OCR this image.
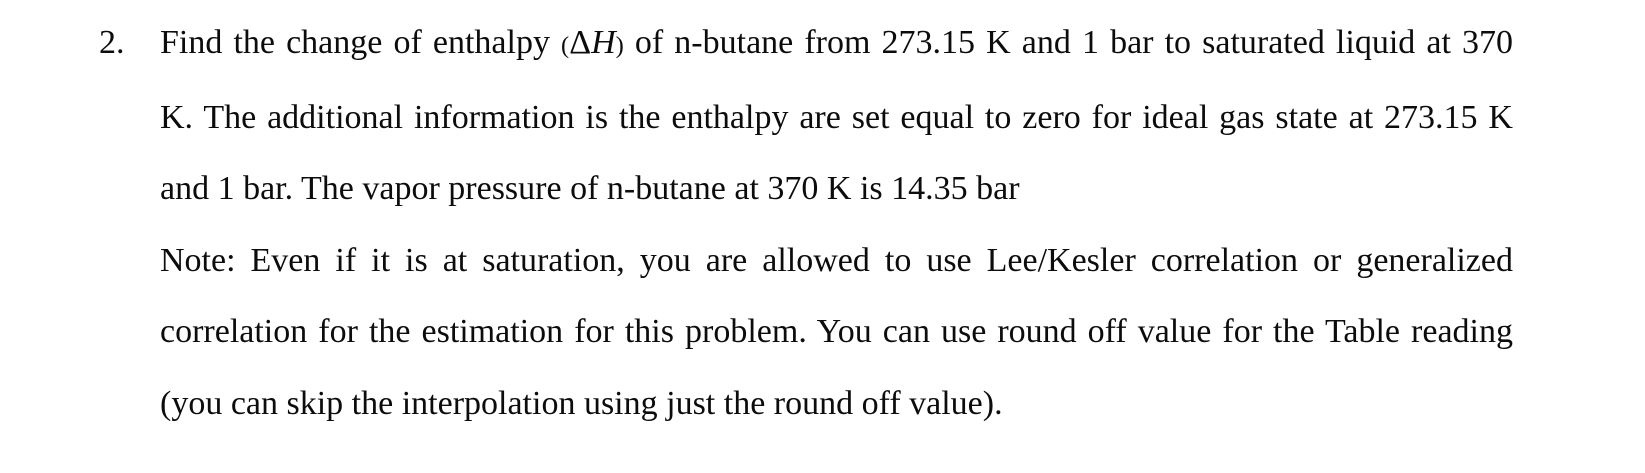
2.	Find the change of enthalpy (ΔH) of n-butane from 273.15 K and 1 bar to saturated liquid at 370
K. The additional information is the enthalpy are set equal to zero for ideal gas state at 273.15 K
and 1 bar. The vapor pressure of n-butane at 370 K is 14.35 bar
Note: Even if it is at saturation, you are allowed to use Lee/Kesler correlation or generalized
correlation for the estimation for this problem. You can use round off value for the Table reading
(you can skip the interpolation using just the round off value).
